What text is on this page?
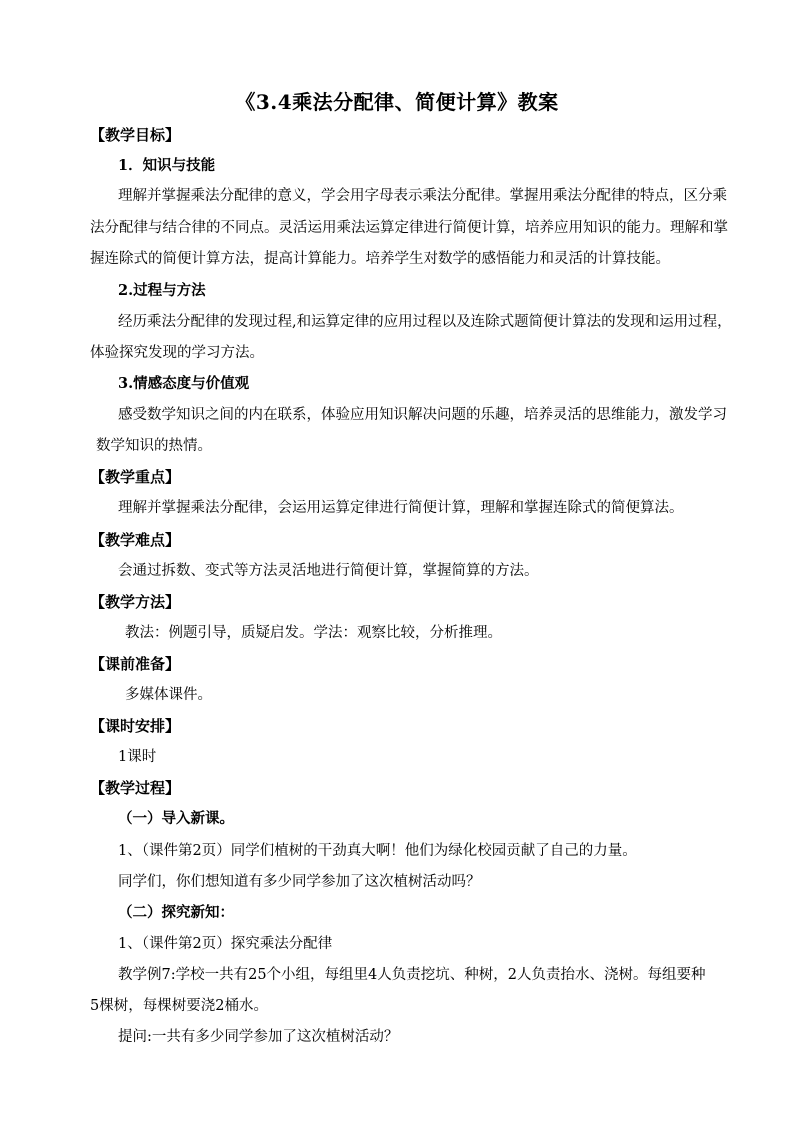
《3.4乘法分配律、简便计算》教案
【教学目标】
1．知识与技能
理解并掌握乘法分配律的意义，学会用字母表示乘法分配律。掌握用乘法分配律的特点，区分乘
法分配律与结合律的不同点。灵活运用乘法运算定律进行简便计算，培养应用知识的能力。理解和掌
握连除式的简便计算方法，提高计算能力。培养学生对数学的感悟能力和灵活的计算技能。
2.过程与方法
经历乘法分配律的发现过程,和运算定律的应用过程以及连除式题简便计算法的发现和运用过程，
体验探究发现的学习方法。
3.情感态度与价值观
感受数学知识之间的内在联系，体验应用知识解决问题的乐趣，培养灵活的思维能力，激发学习
数学知识的热情。
【教学重点】
理解并掌握乘法分配律，会运用运算定律进行简便计算，理解和掌握连除式的简便算法。
【教学难点】
会通过拆数、变式等方法灵活地进行简便计算，掌握简算的方法。
【教学方法】
教法：例题引导，质疑启发。学法：观察比较，分析推理。
【课前准备】
多媒体课件。
【课时安排】
1课时
【教学过程】
（一）导入新课。
1、（课件第2页）同学们植树的干劲真大啊！他们为绿化校园贡献了自己的力量。
同学们，你们想知道有多少同学参加了这次植树活动吗？
（二）探究新知：
1、（课件第2页）探究乘法分配律
教学例7:学校一共有25个小组，每组里4人负责挖坑、种树，2人负责抬水、浇树。每组要种
5棵树，每棵树要浇2桶水。
提问:一共有多少同学参加了这次植树活动？
